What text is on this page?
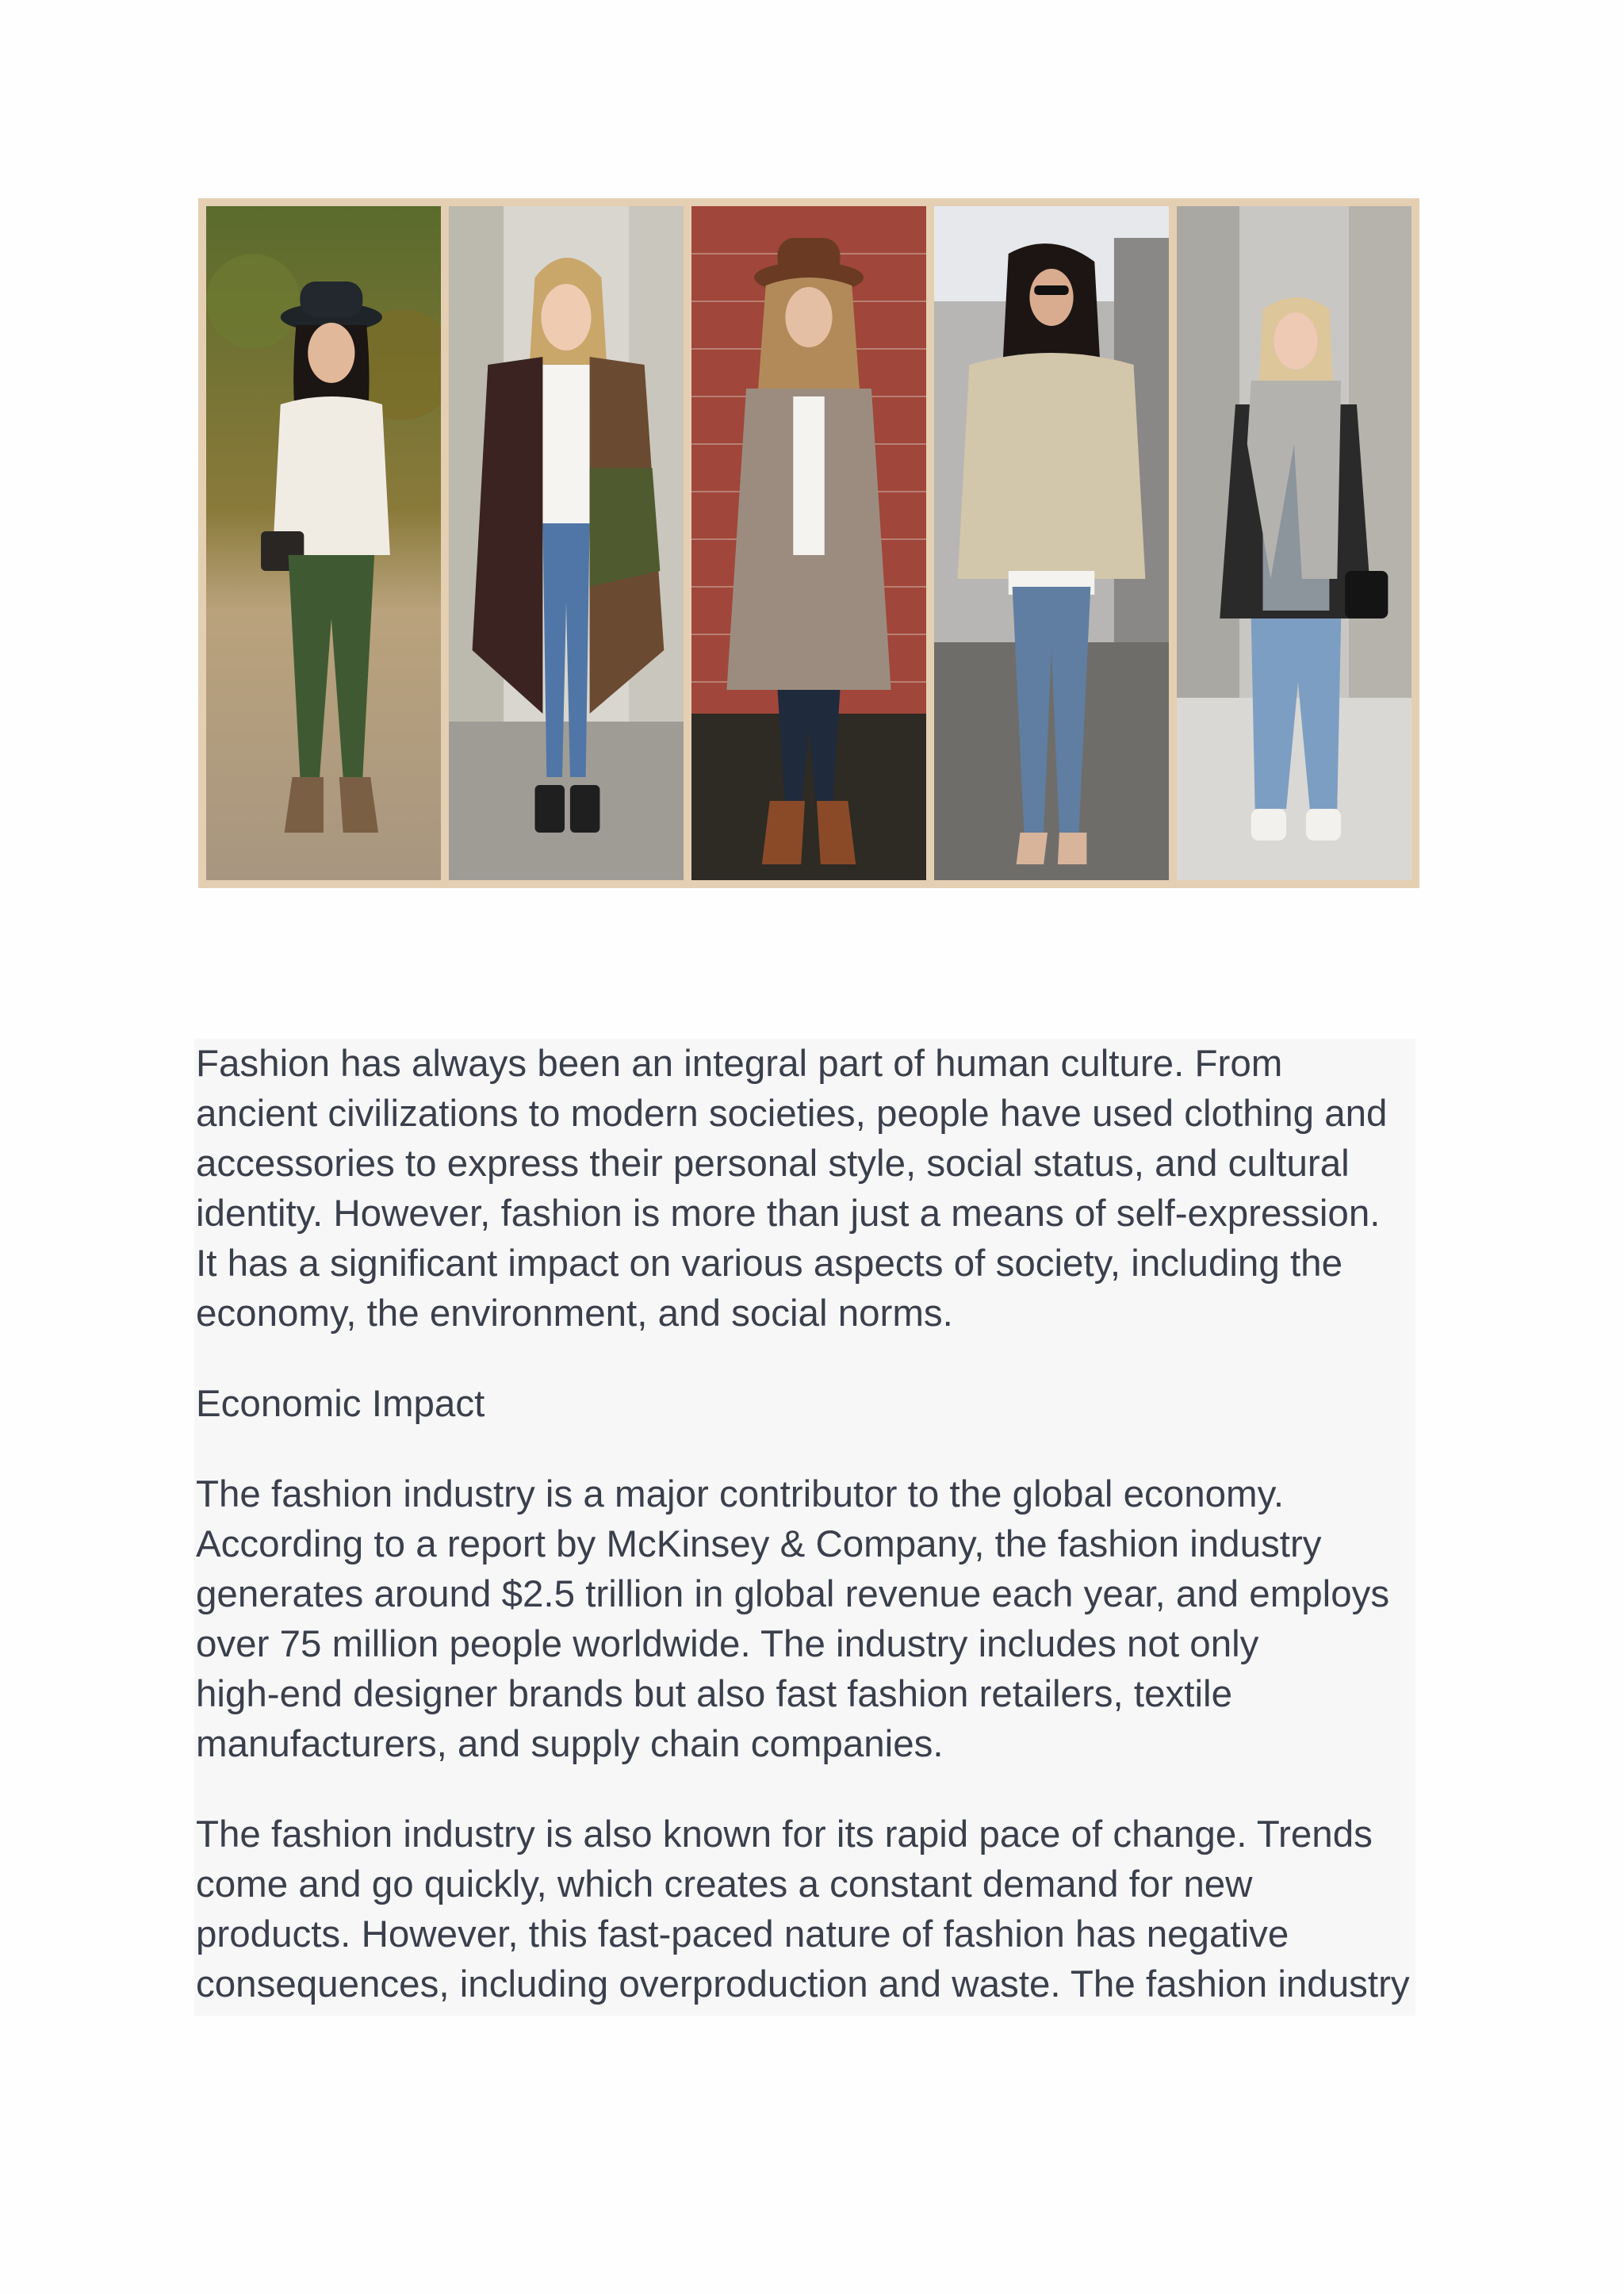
Fashion has always been an integral part of human culture. From
ancient civilizations to modern societies, people have used clothing and
accessories to express their personal style, social status, and cultural
identity. However, fashion is more than just a means of self-expression.
It has a significant impact on various aspects of society, including the
economy, the environment, and social norms.

Economic Impact

The fashion industry is a major contributor to the global economy.
According to a report by McKinsey & Company, the fashion industry
generates around $2.5 trillion in global revenue each year, and employs
over 75 million people worldwide. The industry includes not only
high-end designer brands but also fast fashion retailers, textile
manufacturers, and supply chain companies.

The fashion industry is also known for its rapid pace of change. Trends
come and go quickly, which creates a constant demand for new
products. However, this fast-paced nature of fashion has negative
consequences, including overproduction and waste. The fashion industry
